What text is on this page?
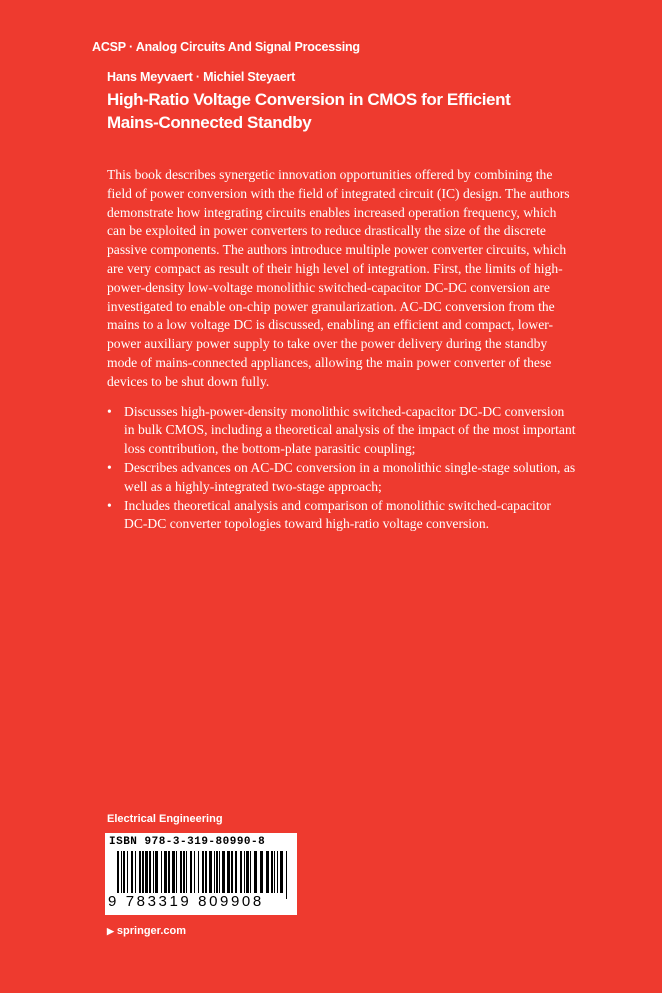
ACSP · Analog Circuits And Signal Processing
Hans Meyvaert · Michiel Steyaert
High-Ratio Voltage Conversion in CMOS for Efficient
Mains-Connected Standby

This book describes synergetic innovation opportunities offered by combining the field of power conversion with the field of integrated circuit (IC) design. The authors demonstrate how integrating circuits enables increased operation frequency, which can be exploited in power converters to reduce drastically the size of the discrete passive components. The authors introduce multiple power converter circuits, which are very compact as result of their high level of integration. First, the limits of high-power-density low-voltage monolithic switched-capacitor DC-DC conversion are investigated to enable on-chip power granularization. AC-DC conversion from the mains to a low voltage DC is discussed, enabling an efficient and compact, lower-power auxiliary power supply to take over the power delivery during the standby mode of mains-connected appliances, allowing the main power converter of these devices to be shut down fully.

• Discusses high-power-density monolithic switched-capacitor DC-DC conversion in bulk CMOS, including a theoretical analysis of the impact of the most important loss contribution, the bottom-plate parasitic coupling;
• Describes advances on AC-DC conversion in a monolithic single-stage solution, as well as a highly-integrated two-stage approach;
• Includes theoretical analysis and comparison of monolithic switched-capacitor DC-DC converter topologies toward high-ratio voltage conversion.
Electrical Engineering
ISBN 978-3-319-80990-8
9 783319 809908
▶ springer.com
